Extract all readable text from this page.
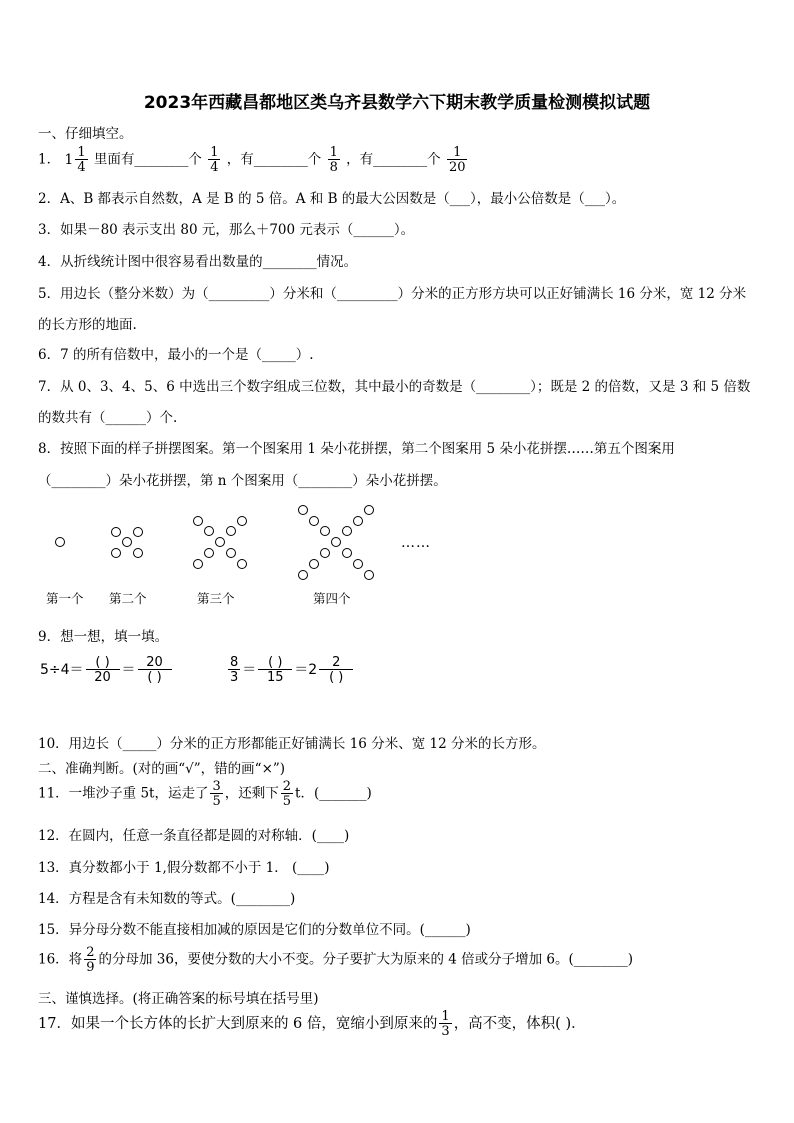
2023年西藏昌都地区类乌齐县数学六下期末教学质量检测模拟试题
一、仔细填空。
1． $1 \frac{1}{4}$ 里面有________个 $\frac{1}{4}$ ，有________个 $\frac{1}{8}$ ，有________个 $\frac{1}{20}$
2．A、B 都表示自然数，A 是 B 的 5 倍。A 和 B 的最大公因数是（___），最小公倍数是（___）。
3．如果－80 表示支出 80 元，那么＋700 元表示（______）。
4．从折线统计图中很容易看出数量的________情况。
5．用边长（整分米数）为（_________）分米和（_________）分米的正方形方块可以正好铺满长 16 分米，宽 12 分米
的长方形的地面.
6．7 的所有倍数中，最小的一个是（_____）.
7．从 0、3、4、5、6 中选出三个数字组成三位数，其中最小的奇数是（________）；既是 2 的倍数，又是 3 和 5 倍数
的数共有（______）个.
8．按照下面的样子拼摆图案。第一个图案用 1 朵小花拼摆，第二个图案用 5 朵小花拼摆……第五个图案用
（________）朵小花拼摆，第 n 个图案用（________）朵小花拼摆。
……
第一个 第二个	第三个	第四个
9．想一想，填一填。
$5\div 4= \frac{( )}{20} = \frac{20}{( )}$	$\frac{8}{3} = \frac{( )}{15} =2 \frac{2}{( )}$
10．用边长（_____）分米的正方形都能正好铺满长 16 分米、宽 12 分米的长方形。
二、准确判断。(对的画“√”，错的画“×”)
11．一堆沙子重 5t，运走了 $\frac{3}{5}$ ，还剩下 $\frac{2}{5}$ t．(_______)
12．在圆内，任意一条直径都是圆的对称轴．(____)
13．真分数都小于 1,假分数都不小于 1． (____)
14．方程是含有未知数的等式。(________)
15．异分母分数不能直接相加减的原因是它们的分数单位不同。(______)
16．将 $\frac{2}{9}$ 的分母加 36，要使分数的大小不变。分子要扩大为原来的 4 倍或分子增加 6。(________)
三、谨慎选择。(将正确答案的标号填在括号里)
17．如果一个长方体的长扩大到原来的 6 倍，宽缩小到原来的 $\frac{1}{3}$ ，高不变，体积( )．
